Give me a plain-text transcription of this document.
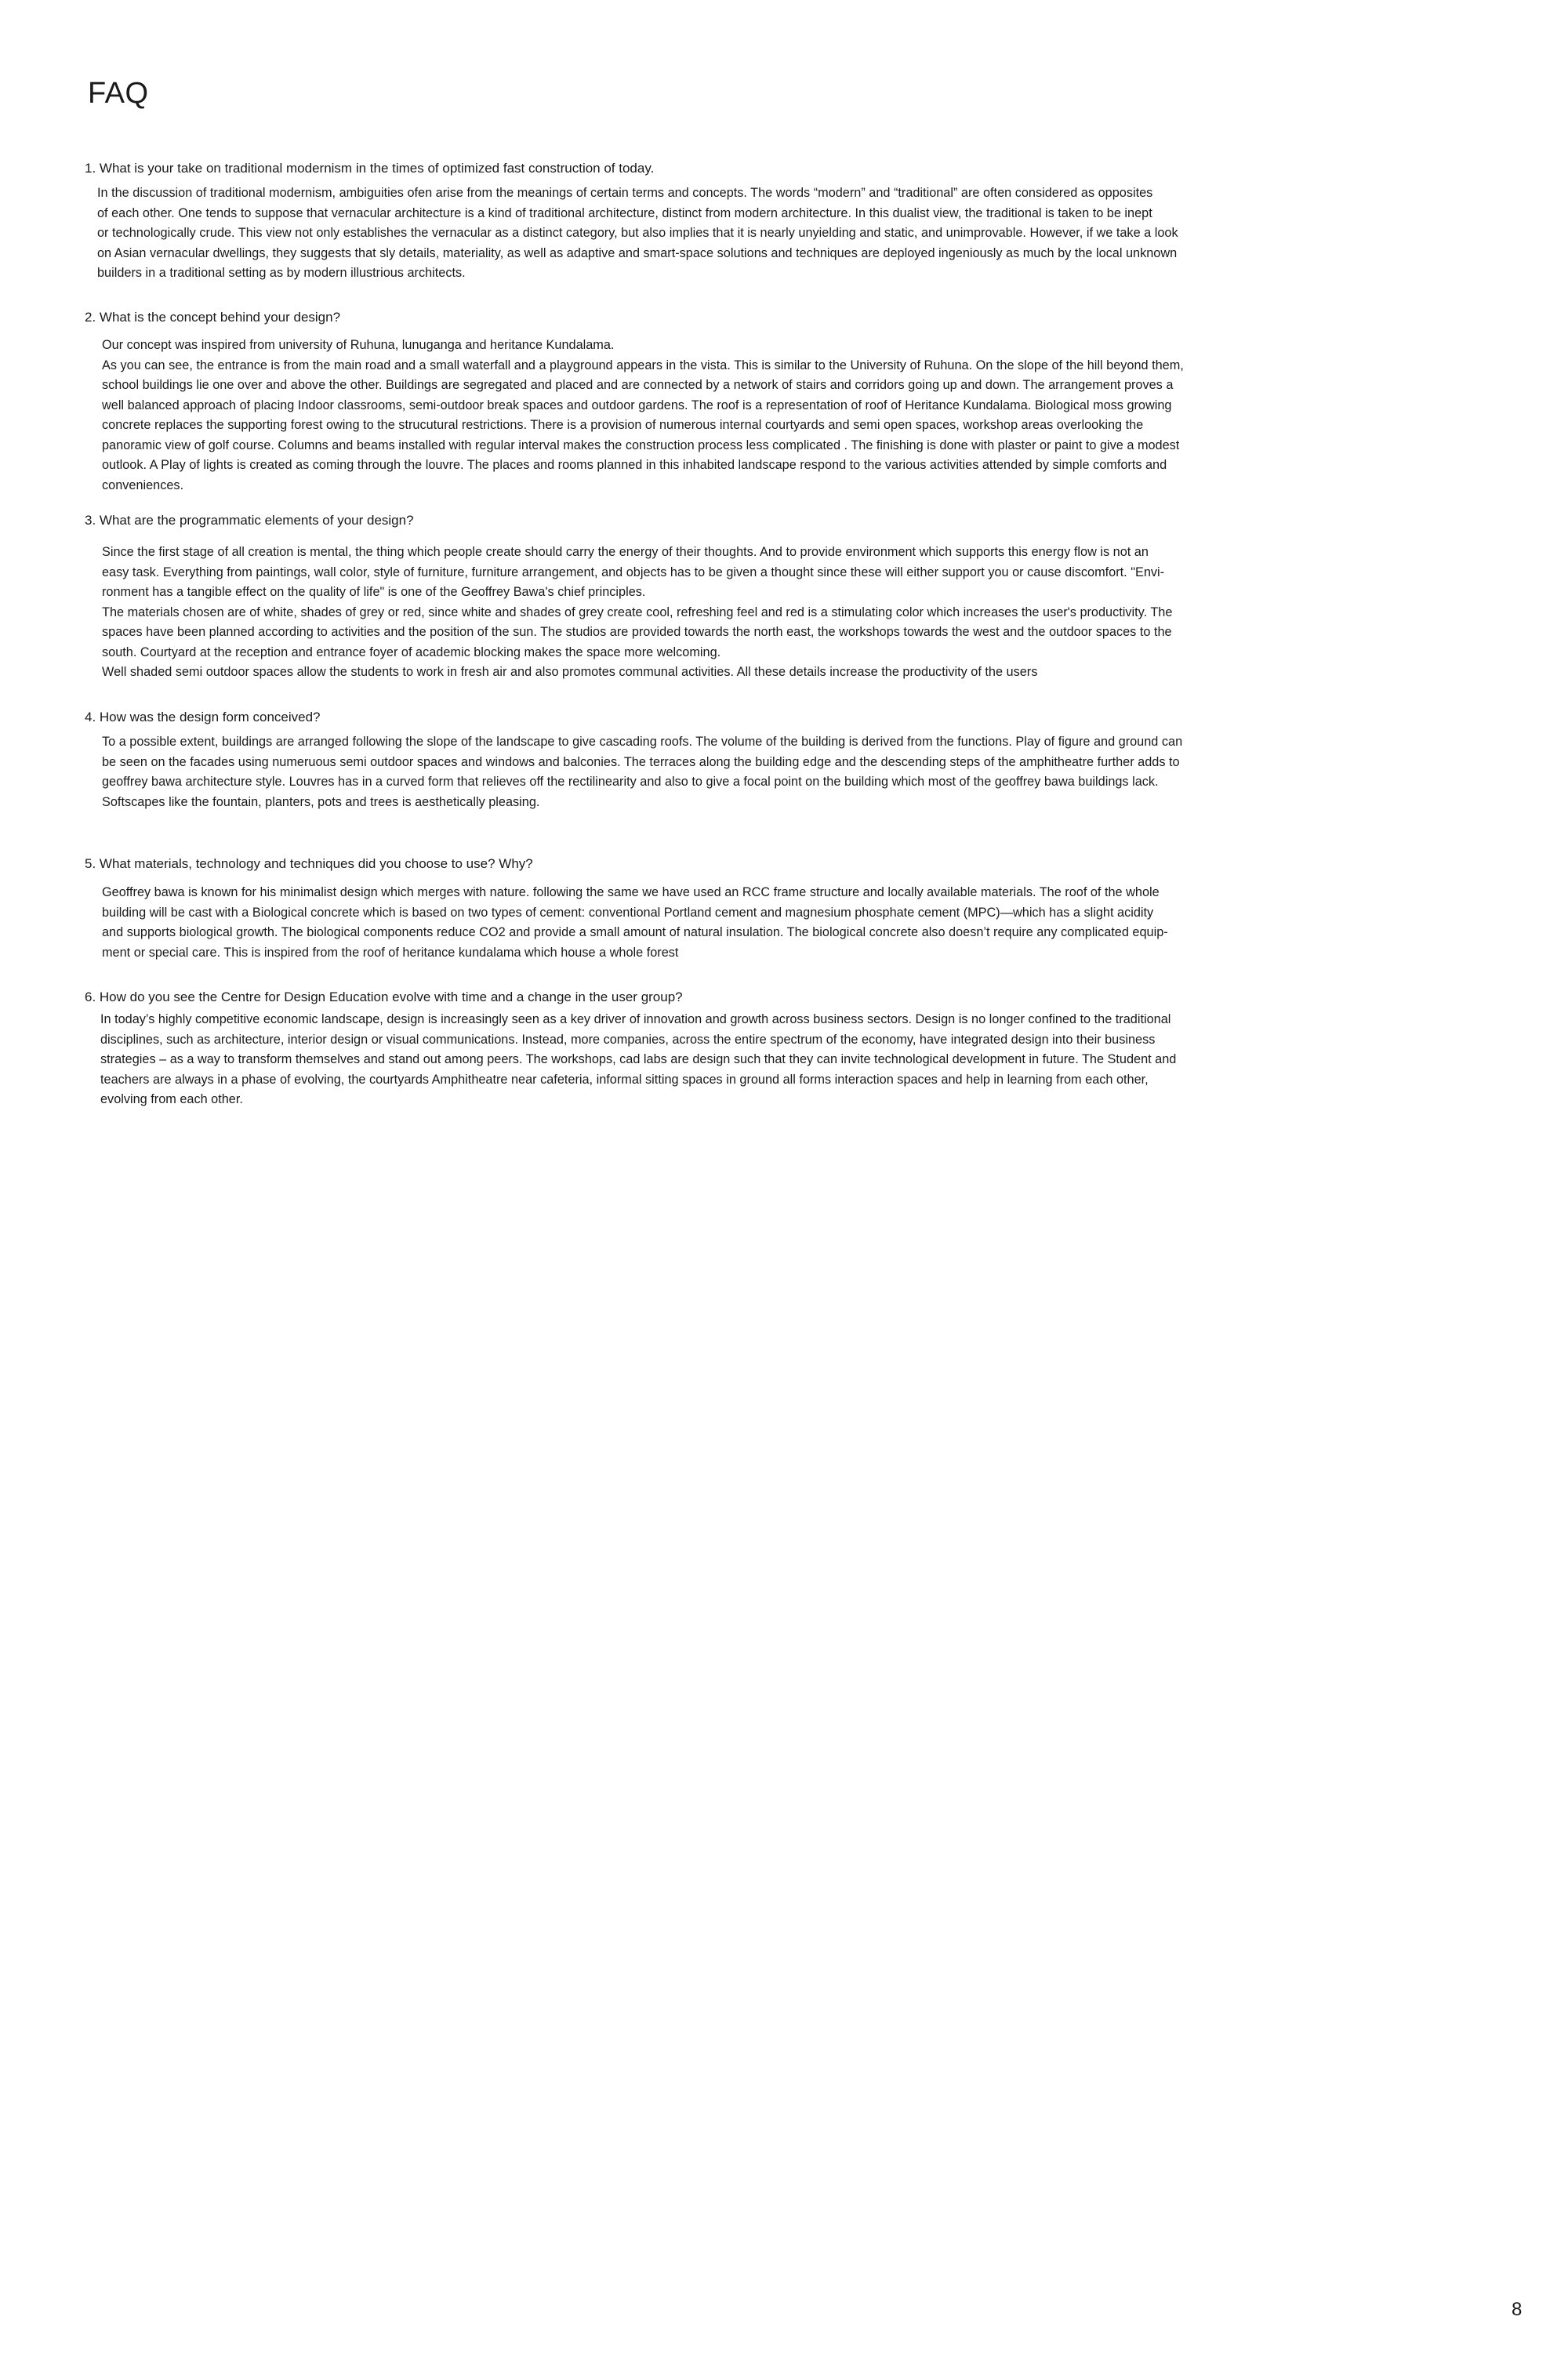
FAQ
1. What is your take on traditional modernism in the times of optimized fast construction of today.
In the discussion of traditional modernism, ambiguities ofen arise from the meanings of certain terms and concepts. The words “modern” and “traditional” are often considered as opposites
of each other. One tends to suppose that vernacular architecture is a kind of traditional architecture, distinct from modern architecture. In this dualist view, the traditional is taken to be inept
or technologically crude. This view not only establishes the vernacular as a distinct category, but also implies that it is nearly unyielding and static, and unimprovable. However, if we take a look
on Asian vernacular dwellings, they suggests that sly details, materiality, as well as adaptive and smart-space solutions and techniques are deployed ingeniously as much by the local unknown
builders in a traditional setting as by modern illustrious architects.
2. What is the concept behind your design?
Our concept was inspired from university of Ruhuna, lunuganga and heritance Kundalama.
As you can see, the entrance is from the main road and a small waterfall and a playground appears in the vista. This is similar to the University of Ruhuna. On the slope of the hill beyond them,
school buildings lie one over and above the other. Buildings are segregated and placed and are connected by a network of stairs and corridors going up and down. The arrangement proves a
well balanced approach of placing Indoor classrooms, semi-outdoor break spaces and outdoor gardens. The roof is a representation of roof of Heritance Kundalama. Biological moss growing
concrete replaces the supporting forest owing to the strucutural restrictions. There is a provision of numerous internal courtyards and semi open spaces, workshop areas overlooking the
panoramic view of golf course. Columns and beams installed with regular interval makes the construction process less complicated . The finishing is done with plaster or paint to give a modest
outlook. A Play of lights is created as coming through the louvre. The places and rooms planned in this inhabited landscape respond to the various activities attended by simple comforts and
conveniences.
3. What are the programmatic elements of your design?
Since the first stage of all creation is mental, the thing which people create should carry the energy of their thoughts. And to provide environment which supports this energy flow is not an
easy task. Everything from paintings, wall color, style of furniture, furniture arrangement, and objects has to be given a thought since these will either support you or cause discomfort. "Envi-
ronment has a tangible effect on the quality of life" is one of the Geoffrey Bawa's chief principles.
The materials chosen are of white, shades of grey or red, since white and shades of grey create cool, refreshing feel and red is a stimulating color which increases the user's productivity. The
spaces have been planned according to activities and the position of the sun. The studios are provided towards the north east, the workshops towards the west and the outdoor spaces to the
south. Courtyard at the reception and entrance foyer of academic blocking makes the space more welcoming.
Well shaded semi outdoor spaces allow the students to work in fresh air and also promotes communal activities. All these details increase the productivity of the users
4. How was the design form conceived?
To a possible extent, buildings are arranged following the slope of the landscape to give cascading roofs. The volume of the building is derived from the functions. Play of figure and ground can
be seen on the facades using numeruous semi outdoor spaces and windows and balconies. The terraces along the building edge and the descending steps of the amphitheatre further adds to
geoffrey bawa architecture style. Louvres has in a curved form that relieves off the rectilinearity and also to give a focal point on the building which most of the geoffrey bawa buildings lack.
Softscapes like the fountain, planters, pots and trees is aesthetically pleasing.
5. What materials, technology and techniques did you choose to use? Why?
Geoffrey bawa is known for his minimalist design which merges with nature. following the same we have used an RCC frame structure and locally available materials. The roof of the whole
building will be cast with a Biological concrete which is based on two types of cement: conventional Portland cement and magnesium phosphate cement (MPC)—which has a slight acidity
and supports biological growth. The biological components reduce CO2 and provide a small amount of natural insulation. The biological concrete also doesn’t require any complicated equip-
ment or special care. This is inspired from the roof of heritance kundalama which house a whole forest
6. How do you see the Centre for Design Education evolve with time and a change in the user group?
In today’s highly competitive economic landscape, design is increasingly seen as a key driver of innovation and growth across business sectors. Design is no longer confined to the traditional
disciplines, such as architecture, interior design or visual communications. Instead, more companies, across the entire spectrum of the economy, have integrated design into their business
strategies – as a way to transform themselves and stand out among peers. The workshops, cad labs are design such that they can invite technological development in future. The Student and
teachers are always in a phase of evolving, the courtyards Amphitheatre near cafeteria, informal sitting spaces in ground all forms interaction spaces and help in learning from each other,
evolving from each other.
8
